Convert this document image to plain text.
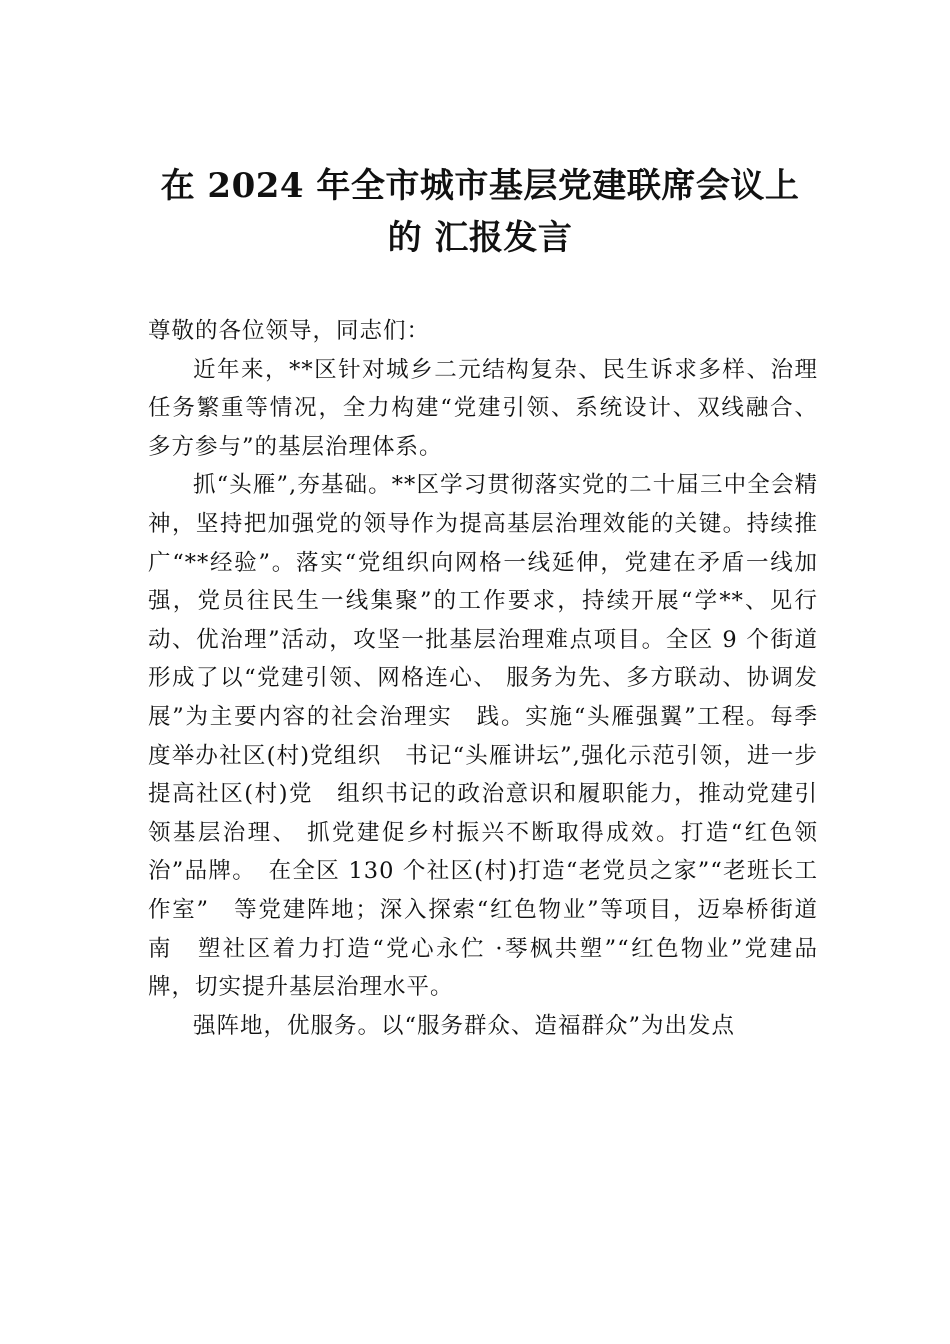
在 2024 年全市城市基层党建联席会议上
的 汇报发言

尊敬的各位领导，同志们：

近年来，**区针对城乡二元结构复杂、民生诉求多样、治理任务繁重等情况，全力构建“党建引领、系统设计、双线融合、多方参与”的基层治理体系。

抓“头雁”,夯基础。**区学习贯彻落实党的二十届三中全会精神，坚持把加强党的领导作为提高基层治理效能的关键。持续推广“**经验”。落实“党组织向网格一线延伸，党建在矛盾一线加强，党员往民生一线集聚”的工作要求，持续开展“学**、见行动、优治理”活动，攻坚一批基层治理难点项目。全区 9 个街道形成了以“党建引领、网格连心、 服务为先、多方联动、协调发展”为主要内容的社会治理实　践。实施“头雁强翼”工程。每季度举办社区(村)党组织　书记“头雁讲坛”,强化示范引领，进一步提高社区(村)党　组织书记的政治意识和履职能力，推动党建引领基层治理、 抓党建促乡村振兴不断取得成效。打造“红色领治”品牌。　在全区 130 个社区(村)打造“老党员之家”“老班长工作室”　等党建阵地；深入探索“红色物业”等项目，迈皋桥街道南　塑社区着力打造“党心永伫 ·琴枫共塑”“红色物业”党建品　牌，切实提升基层治理水平。

强阵地，优服务。以“服务群众、造福群众”为出发点
